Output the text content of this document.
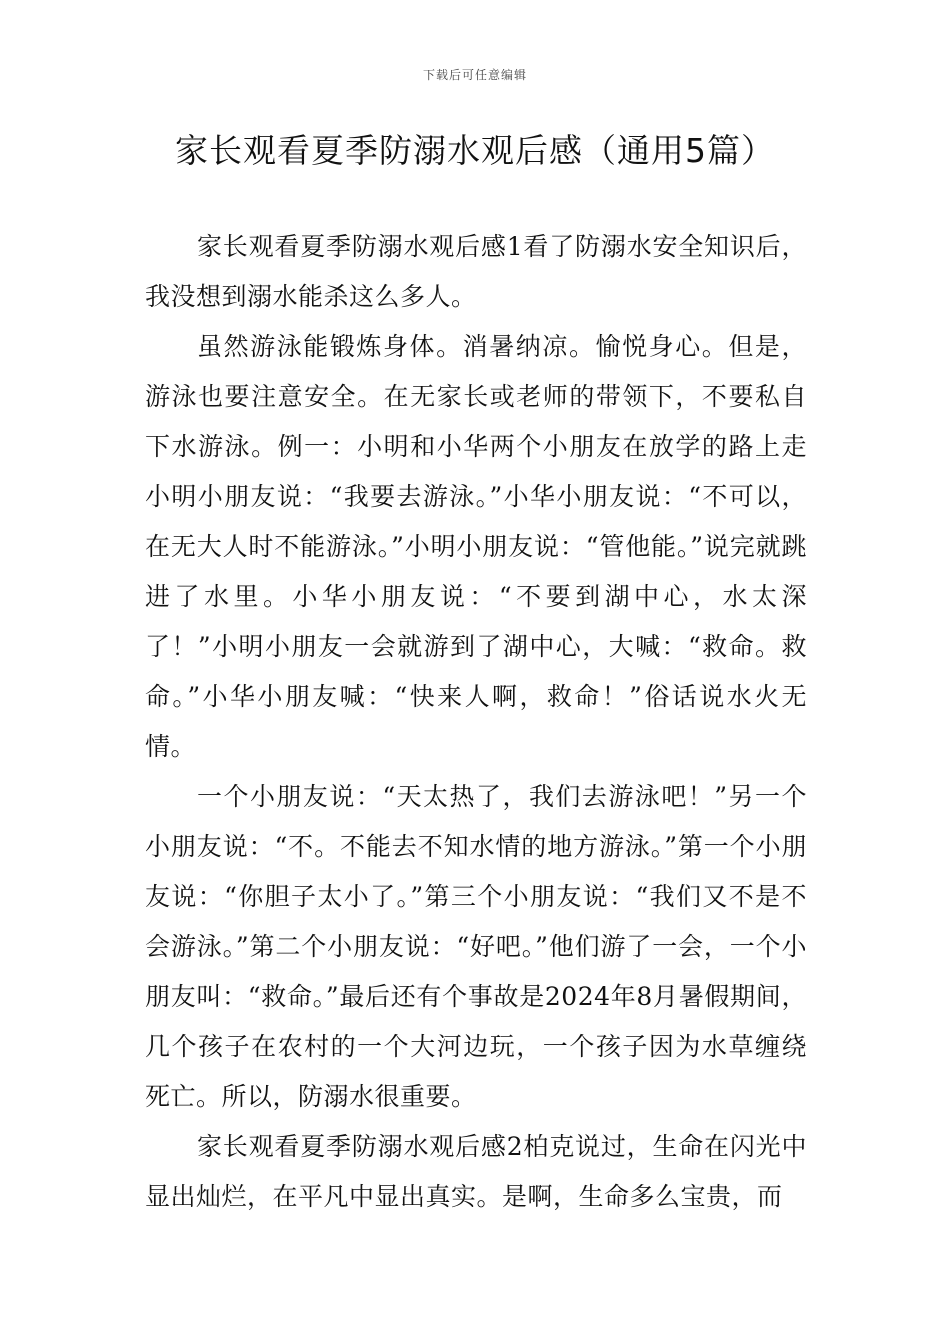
下载后可任意编辑
家长观看夏季防溺水观后感（通用5篇）

家长观看夏季防溺水观后感1看了防溺水安全知识后，我没想到溺水能杀这么多人。

虽然游泳能锻炼身体。消暑纳凉。愉悦身心。但是，游泳也要注意安全。在无家长或老师的带领下，不要私自下水游泳。例一：小明和小华两个小朋友在放学的路上走小明小朋友说：“我要去游泳。”小华小朋友说：“不可以，在无大人时不能游泳。”小明小朋友说：“管他能。”说完就跳进了水里。小华小朋友说：“不要到湖中心，水太深了！”小明小朋友一会就游到了湖中心，大喊：“救命。救命。”小华小朋友喊：“快来人啊，救命！”俗话说水火无情。

一个小朋友说：“天太热了，我们去游泳吧！”另一个小朋友说：“不。不能去不知水情的地方游泳。”第一个小朋友说：“你胆子太小了。”第三个小朋友说：“我们又不是不会游泳。”第二个小朋友说：“好吧。”他们游了一会，一个小朋友叫：“救命。”最后还有个事故是2024年8月暑假期间，几个孩子在农村的一个大河边玩，一个孩子因为水草缠绕死亡。所以，防溺水很重要。

家长观看夏季防溺水观后感2柏克说过，生命在闪光中显出灿烂，在平凡中显出真实。是啊，生命多么宝贵，而
